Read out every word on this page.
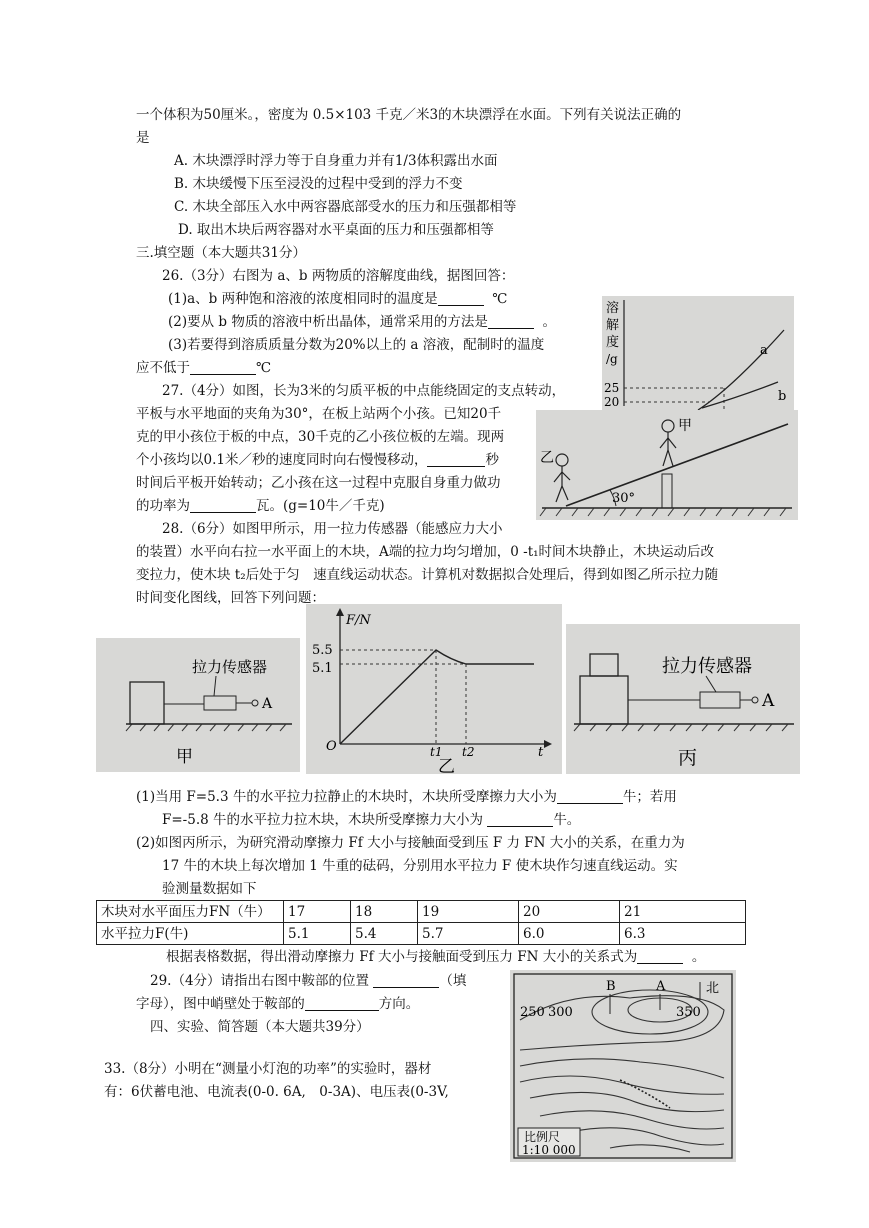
一个体积为50厘米。，密度为 0.5×103 千克／米3的木块漂浮在水面。下列有关说法正确的
是
A. 木块漂浮时浮力等于自身重力并有1/3体积露出水面
B. 木块缓慢下压至浸没的过程中受到的浮力不变
C. 木块全部压入水中两容器底部受水的压力和压强都相等
D. 取出木块后两容器对水平桌面的压力和压强都相等
三.填空题（本大题共31分）
26.（3分）右图为 a、b 两物质的溶解度曲线，据图回答：
(1)a、b 两种饱和溶液的浓度相同时的温度是	℃
(2)要从 b 物质的溶液中析出晶体，通常采用的方法是	。
(3)若要得到溶质质量分数为20%以上的 a 溶液，配制时的温度
应不低于	℃
溶
解
度
/g
25
20
a
b
27.（4分）如图，长为3米的匀质平板的中点能绕固定的支点转动，
平板与水平地面的夹角为30°，在板上站两个小孩。已知20千
克的甲小孩位于板的中点，30千克的乙小孩位板的左端。现两
个小孩均以0.1米／秒的速度同时向右慢慢移动，	秒
时间后平板开始转动；乙小孩在这一过程中克服自身重力做功
的功率为	瓦。(g=10牛／千克)	30°
乙
甲
28.（6分）如图甲所示，用一拉力传感器（能感应力大小
的装置）水平向右拉一水平面上的木块，A端的拉力均匀增加，0 -t₁时间木块静止，木块运动后改
变拉力，使木块 t₂后处于匀　速直线运动状态。计算机对数据拟合处理后，得到如图乙所示拉力随
时间变化图线，回答下列问题：
A
拉力传感器
甲
F/N
5.5
5.1
O	t1 t2	t
乙
A
拉力传感器
丙
(1)当用 F=5.3 牛的水平拉力拉静止的木块时，木块所受摩擦力大小为	牛；若用
F=-5.8 牛的水平拉力拉木块，木块所受摩擦力大小为	牛。
(2)如图丙所示，为研究滑动摩擦力 Ff 大小与接触面受到压 F 力 FN 大小的关系，在重力为
17 牛的木块上每次增加 1 牛重的砝码，分别用水平拉力 F 使木块作匀速直线运动。实
验测量数据如下
木块对水平面压力FN（牛）	17	18	19	20	21
水平拉力F(牛)	5.1	5.4	5.7	6.0	6.3
根据表格数据，得出滑动摩擦力 Ff 大小与接触面受到压力 FN 大小的关系式为	。
29.（4分）请指出右图中鞍部的位置	（填
字母），图中峭壁处于鞍部的	方向。
四、实验、简答题（本大题共39分）
北
250 300	350
B	A
比例尺
1:10 000
33.（8分）小明在“测量小灯泡的功率”的实验时，器材
有：6伏蓄电池、电流表(0-0. 6A,　0-3A)、电压表(0-3V,
